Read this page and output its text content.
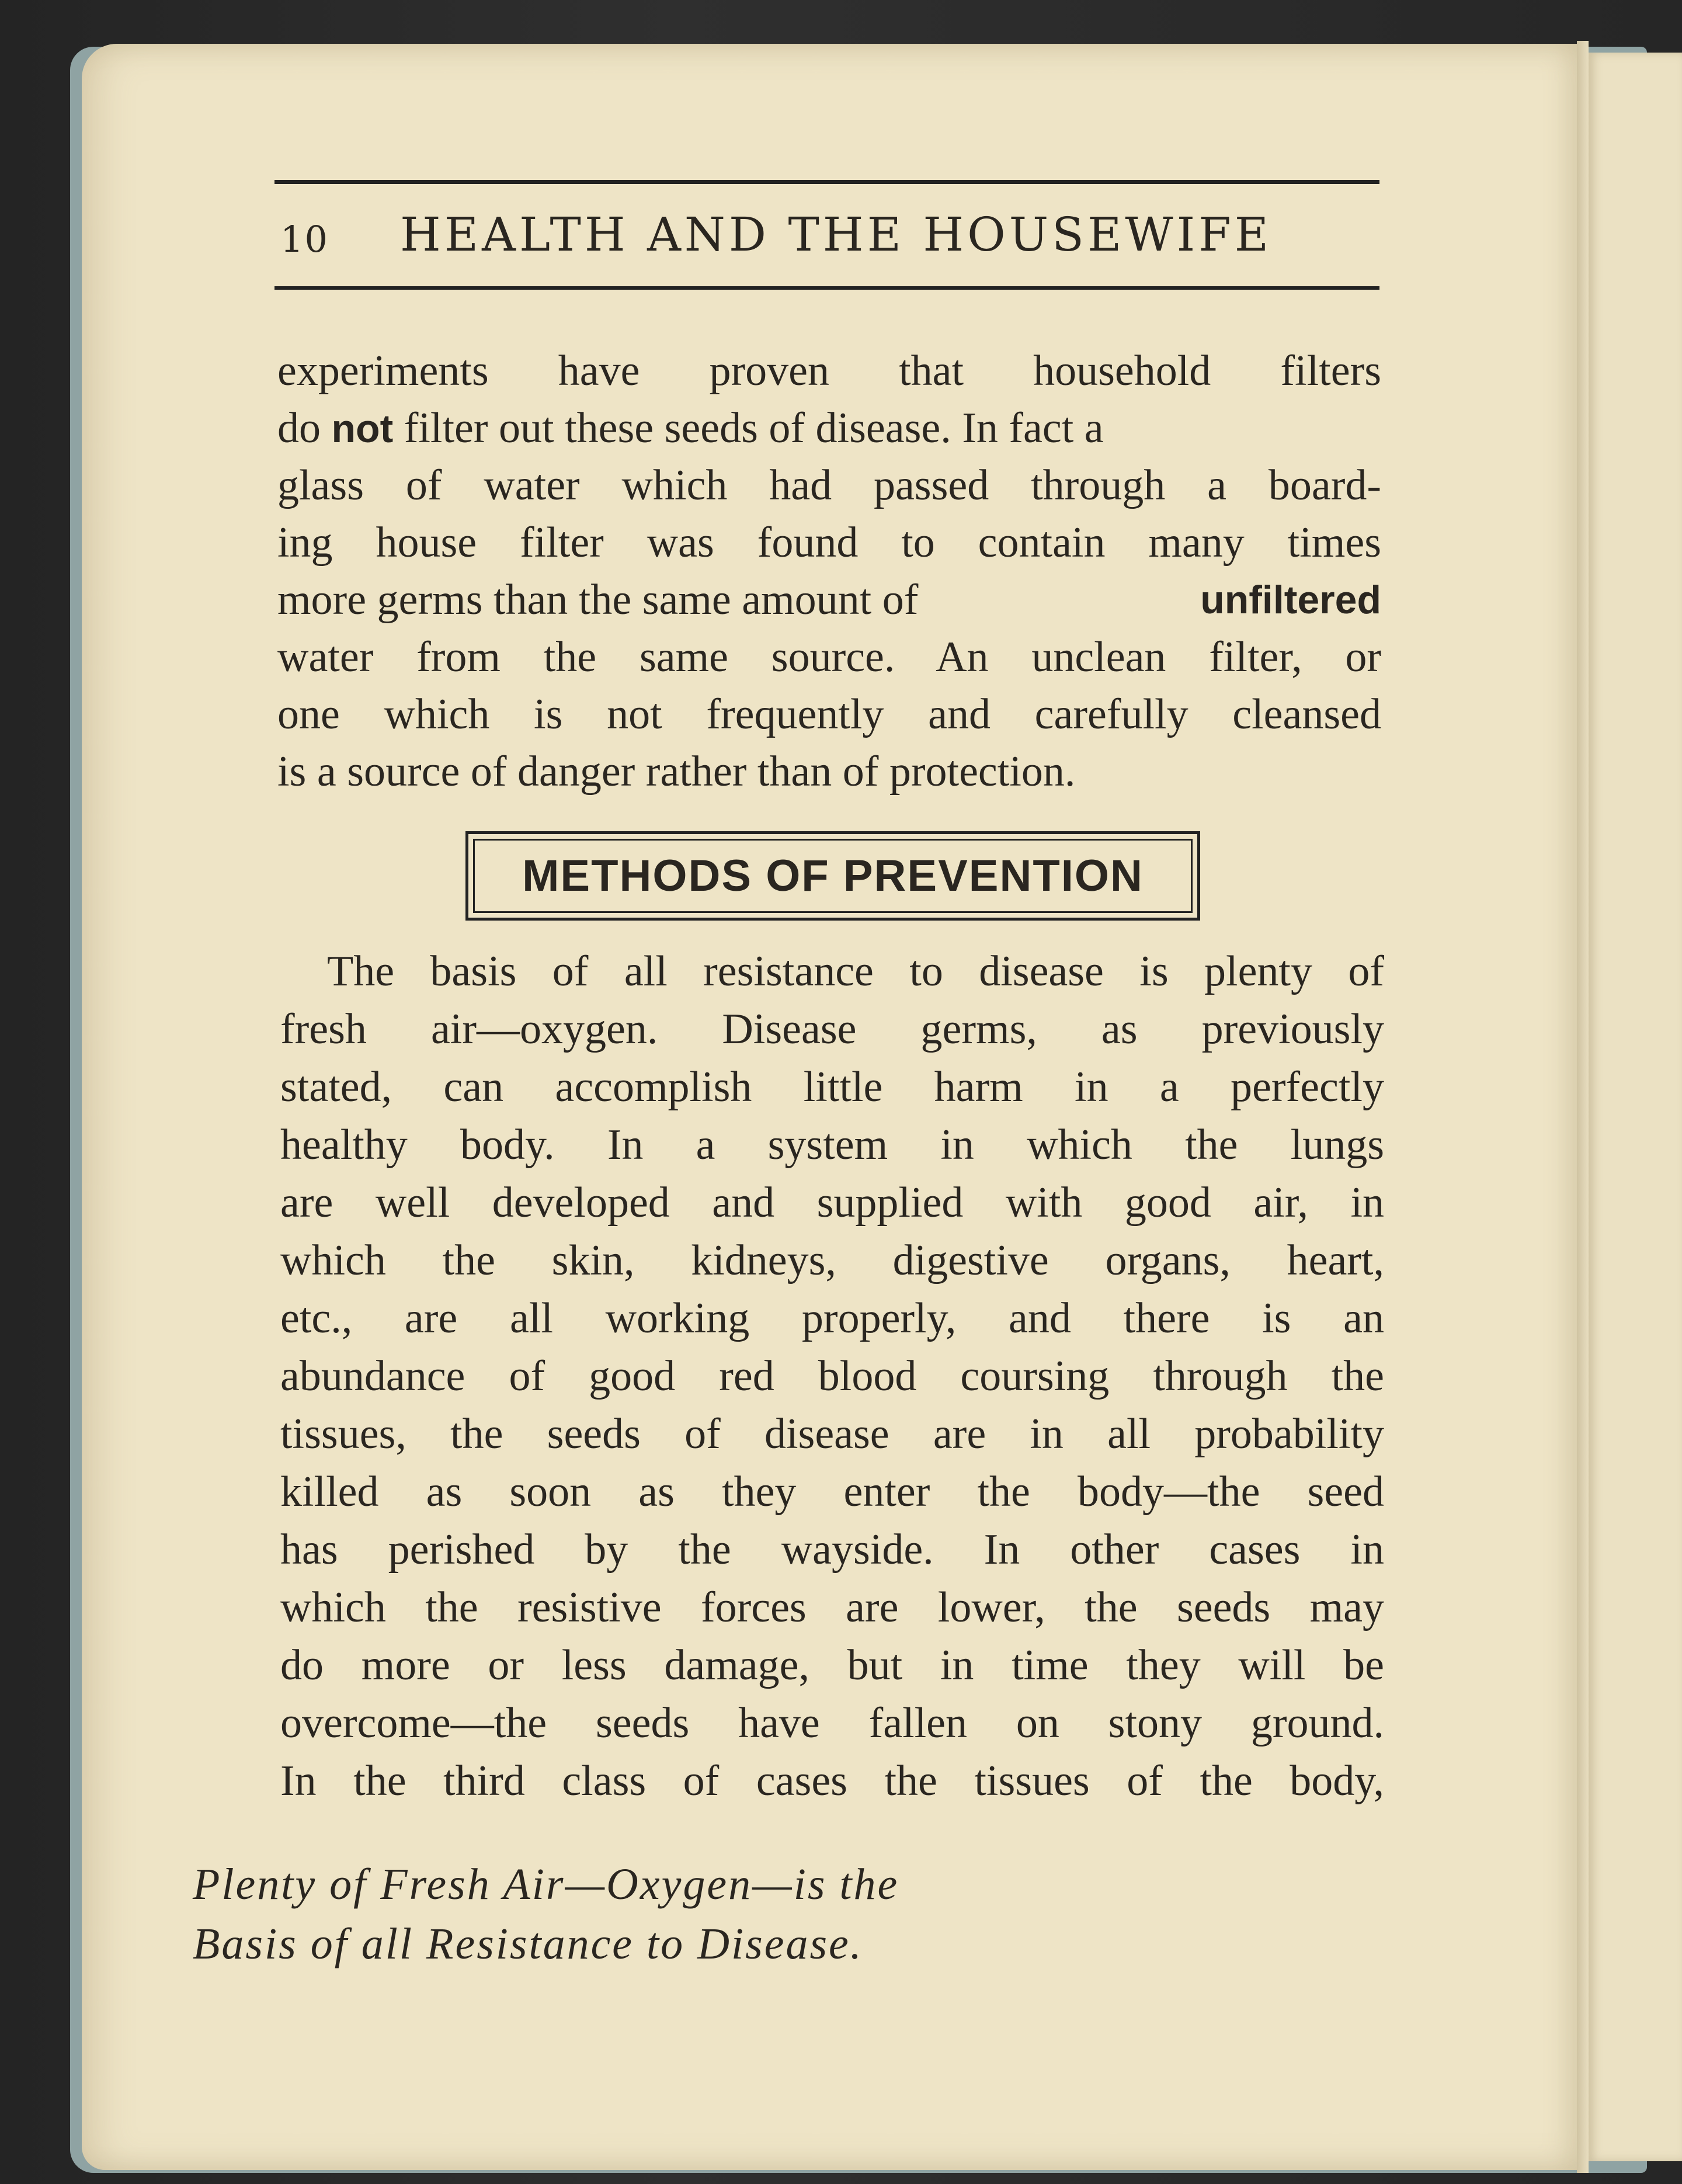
10 HEALTH AND THE HOUSEWIFE
experiments have proven that household filters
do not filter out these seeds of disease. In fact a
glass of water which had passed through a board-
ing house filter was found to contain many times
more germs than the same amount of	unfiltered
water from the same source. An unclean filter, or
one which is not frequently and carefully cleansed
is a source of danger rather than of protection.
METHODS OF PREVENTION
The basis of all resistance to disease is plenty of
fresh air—oxygen. Disease germs, as previously
stated, can accomplish little harm in a perfectly
healthy body. In a system in which the lungs
are well developed and supplied with good air, in
which the skin, kidneys, digestive organs, heart,
etc., are all working properly, and there is an
abundance of good red blood coursing through the
tissues, the seeds of disease are in all probability
killed as soon as they enter the body—the seed
has perished by the wayside. In other cases in
which the resistive forces are lower, the seeds may
do more or less damage, but in time they will be
overcome—the seeds have fallen on stony ground.
In the third class of cases the tissues of the body,
Plenty of Fresh Air—Oxygen—is the
Basis of all Resistance to Disease.
